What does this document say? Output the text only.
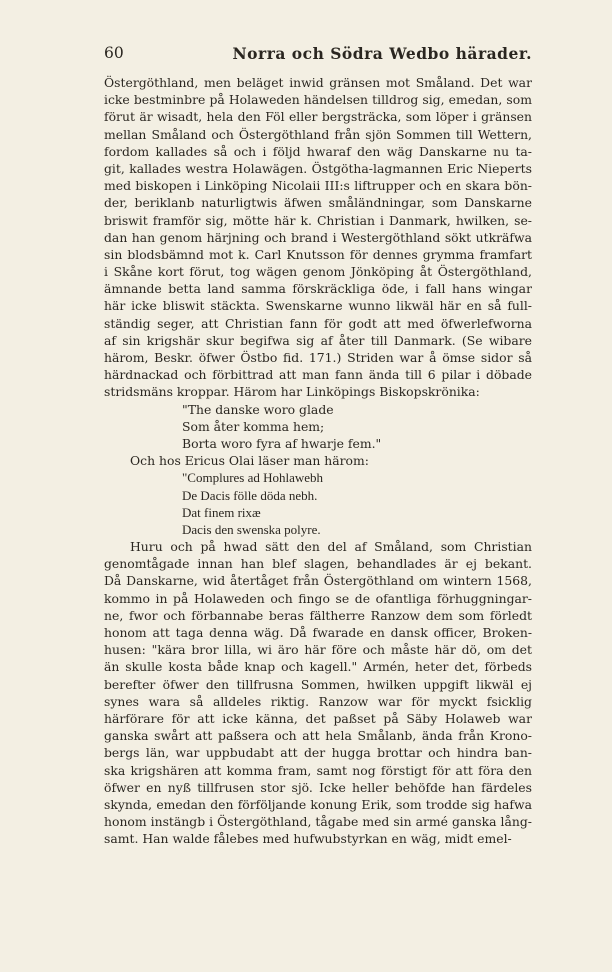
60	Norra och Södra Wedbo härader.
Östergöthland, men beläget inwid gränsen mot Småland. Det war
icke bestminbre på Holaweden händelsen tilldrog sig, emedan, som
förut är wisadt, hela den Föl eller bergsträcka, som löper i gränsen
mellan Småland och Östergöthland från sjön Sommen till Wettern,
fordom kallades så och i följd hwaraf den wäg Danskarne nu ta-
git, kallades westra Holawägen. Östgötha-lagmannen Eric Nieperts
med biskopen i Linköping Nicolaii III:s liftrupper och en skara bön-
der, beriklanb naturligtwis äfwen småländningar, som Danskarne
briswit framför sig, mötte här k. Christian i Danmark, hwilken, se-
dan han genom härjning och brand i Westergöthland sökt utkräfwa
sin blodsbämnd mot k. Carl Knutsson för dennes grymma framfart
i Skåne kort förut, tog wägen genom Jönköping åt Östergöthland,
ämnande betta land samma förskräckliga öde, i fall hans wingar
här icke bliswit stäckta. Swenskarne wunno likwäl här en så full-
ständig seger, att Christian fann för godt att med öfwerlefworna
af sin krigshär skur begifwa sig af åter till Danmark. (Se wibare
härom, Beskr. öfwer Östbo fid. 171.) Striden war å ömse sidor så
härdnackad och förbittrad att man fann ända till 6 pilar i döbade
stridsmäns kroppar. Härom har Linköpings Biskopskrönika:
"The danske woro glade
Som åter komma hem;
Borta woro fyra af hwarje fem."
Och hos Ericus Olai läser man härom:
"Complures ad Hohlawebh
De Dacis fölle döda nebh.
Dat finem rixæ
Dacis den swenska polyre.
Huru och på hwad sätt den del af Småland, som Christian
genomtågade innan han blef slagen, behandlades är ej bekant.
Då Danskarne, wid återtåget från Östergöthland om wintern 1568,
kommo in på Holaweden och fingo se de ofantliga förhuggningar-
ne, fwor och förbannabe beras fältherre Ranzow dem som förledt
honom att taga denna wäg. Då fwarade en dansk officer, Broken-
husen: "kära bror lilla, wi äro här före och måste här dö, om det
än skulle kosta både knap och kagell." Armén, heter det, förbeds
berefter öfwer den tillfrusna Sommen, hwilken uppgift likwäl ej
synes wara så alldeles riktig. Ranzow war för myckt fsicklig
härförare för att icke känna, det paßset på Säby Holaweb war
ganska swårt att paßsera och att hela Smålanb, ända från Krono-
bergs län, war uppbudabt att der hugga brottar och hindra ban-
ska krigshären att komma fram, samt nog förstigt för att föra den
öfwer en nyß tillfrusen stor sjö. Icke heller behöfde han färdeles
skynda, emedan den förföljande konung Erik, som trodde sig hafwa
honom instängb i Östergöthland, tågabe med sin armé ganska lång-
samt. Han walde fålebes med hufwubstyrkan en wäg, midt emel-
